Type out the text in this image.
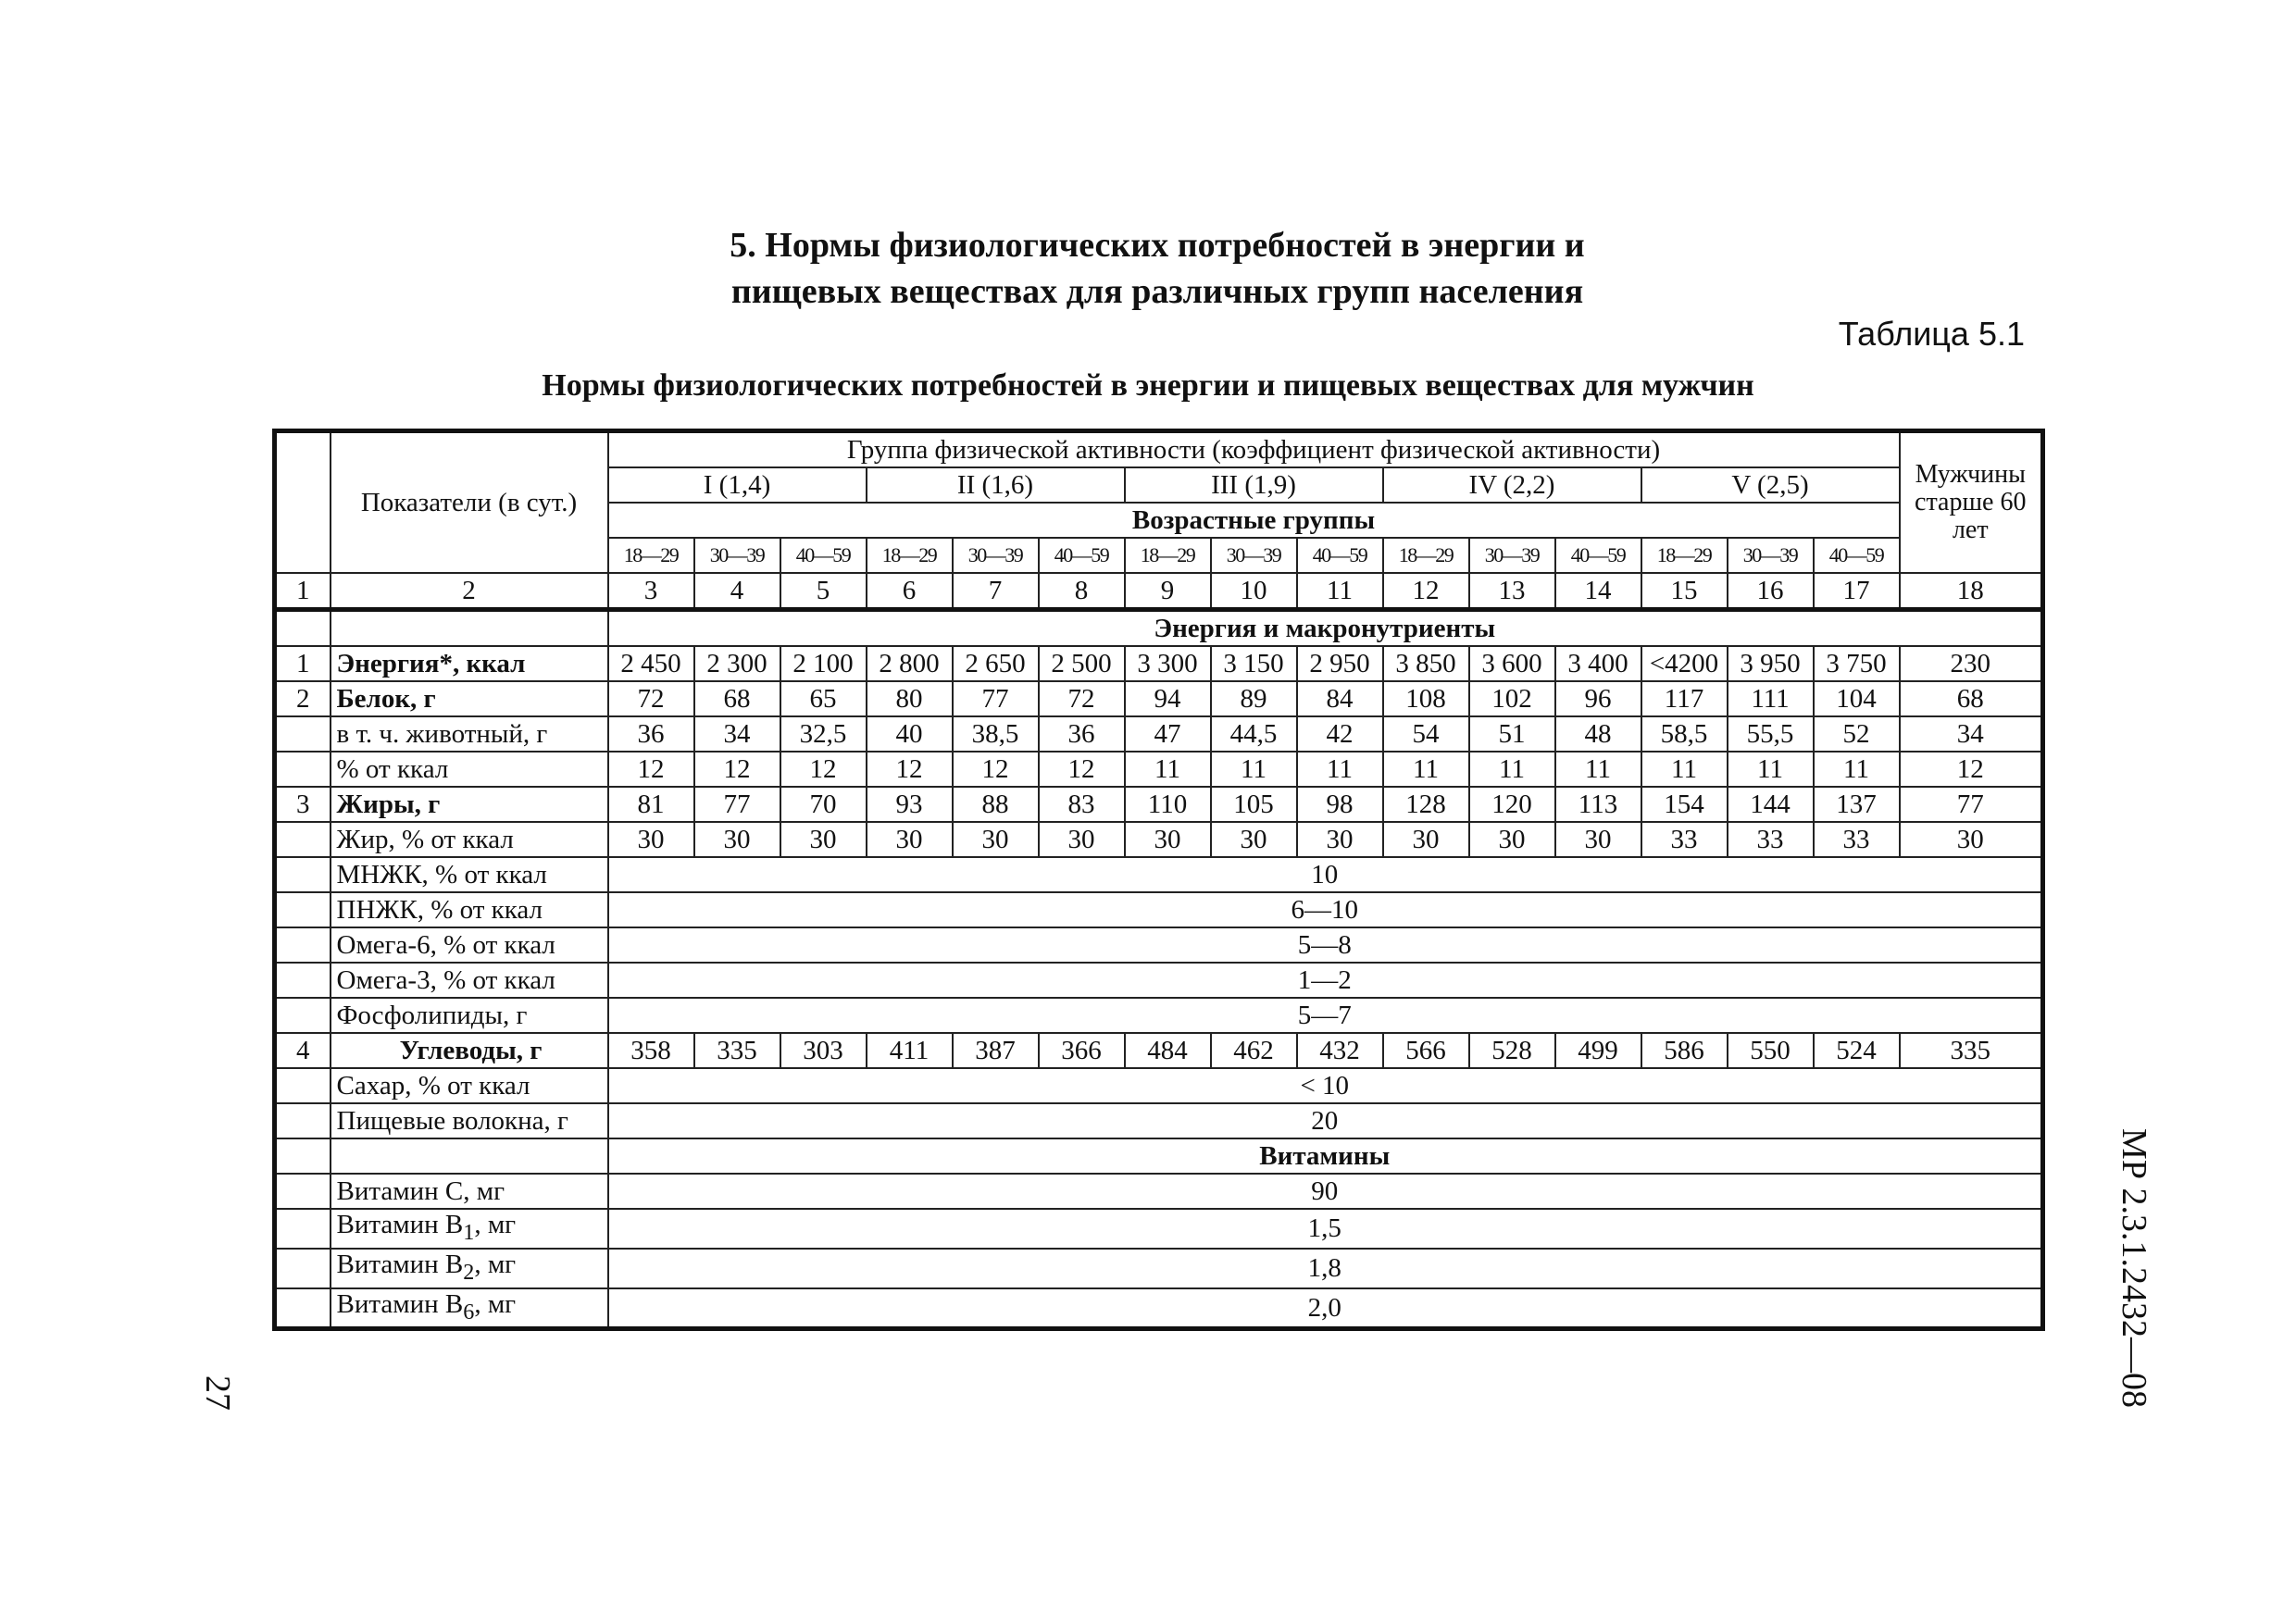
5. Нормы физиологических потребностей в энергии и
пищевых веществах для различных групп населения
Таблица 5.1
Нормы физиологических потребностей в энергии и пищевых веществах для мужчин
	Показатели (в сут.)	Группа физической активности (коэффициент физической активности)															Мужчины старше 60 лет
		I (1,4)			II (1,6)			III (1,9)			IV (2,2)			V (2,5)			
		Возрастные группы															
		18—29	30—39	40—59	18—29	30—39	40—59	18—29	30—39	40—59	18—29	30—39	40—59	18—29	30—39	40—59	
1	2	3	4	5	6	7	8	9	10	11	12	13	14	15	16	17	18
		Энергия и макронутриенты															
1	Энергия*, ккал	2 450	2 300	2 100	2 800	2 650	2 500	3 300	3 150	2 950	3 850	3 600	3 400	<4200	3 950	3 750	230
2	Белок, г	72	68	65	80	77	72	94	89	84	108	102	96	117	111	104	68
	в т. ч. животный, г	36	34	32,5	40	38,5	36	47	44,5	42	54	51	48	58,5	55,5	52	34
	% от ккал	12	12	12	12	12	12	11	11	11	11	11	11	11	11	11	12
3	Жиры, г	81	77	70	93	88	83	110	105	98	128	120	113	154	144	137	77
	Жир, % от ккал	30	30	30	30	30	30	30	30	30	30	30	30	33	33	33	30
	МНЖК, % от ккал	10															
	ПНЖК, % от ккал	6—10															
	Омега-6, % от ккал	5—8															
	Омега-3, % от ккал	1—2															
	Фосфолипиды, г	5—7															
4	Углеводы, г	358	335	303	411	387	366	484	462	432	566	528	499	586	550	524	335
	Сахар, % от ккал	< 10															
	Пищевые волокна, г	20															
		Витамины															
	Витамин C, мг	90															
	Витамин $B_1$, мг	1,5															
	Витамин $B_2$, мг	1,8															
	Витамин $B_6$, мг	2,0																МР 2.3.1.2432—08
27
